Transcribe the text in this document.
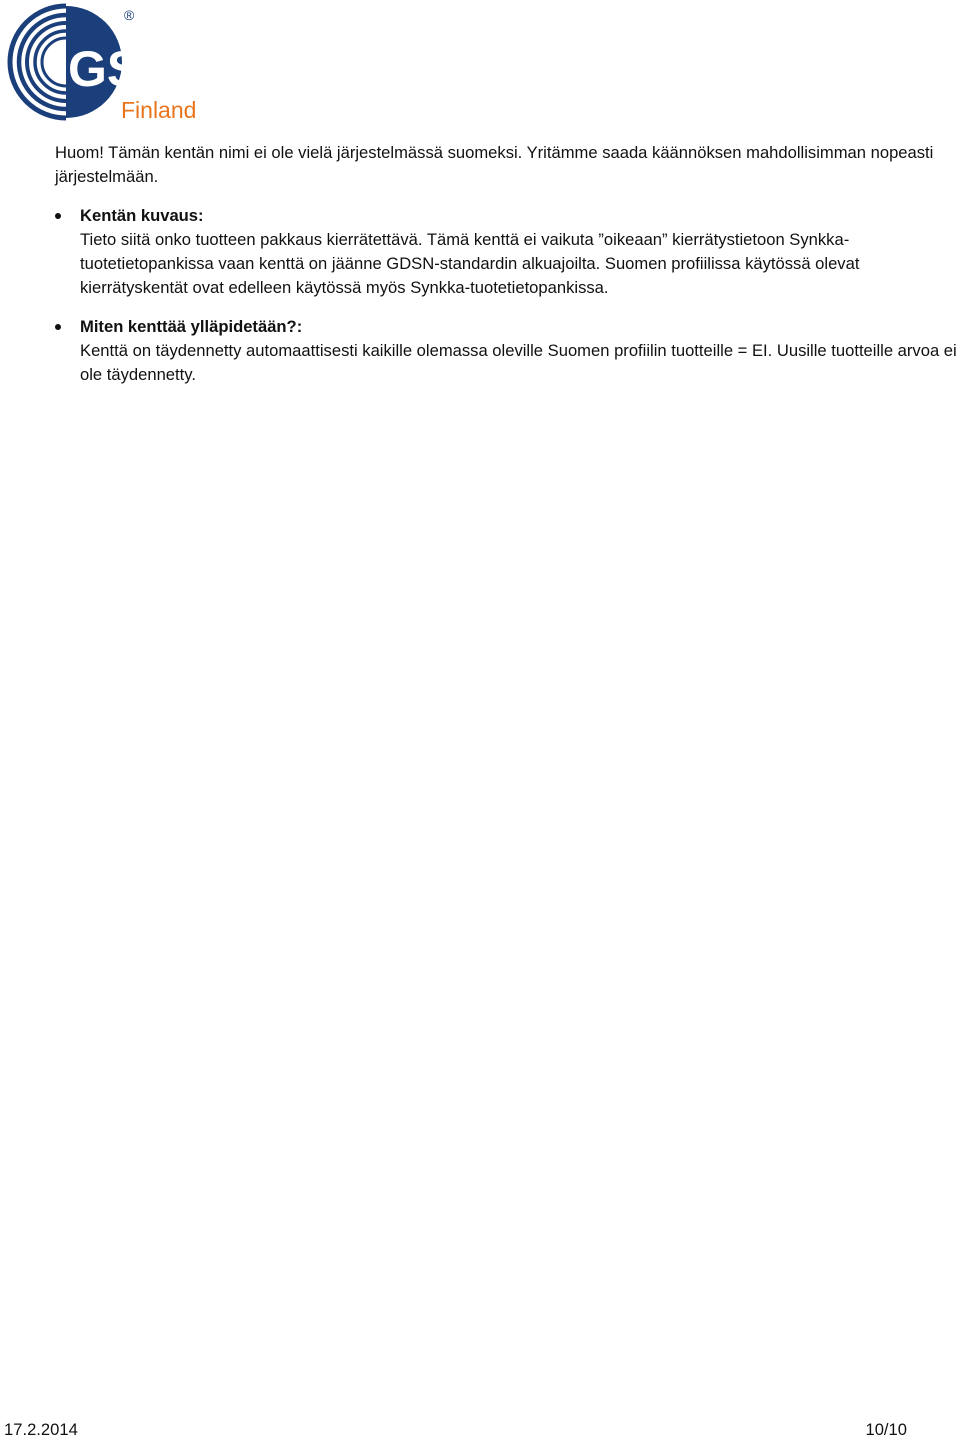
GS1
®
Finland

Huom! Tämän kentän nimi ei ole vielä järjestelmässä suomeksi. Yritämme saada käännöksen mahdollisimman nopeasti järjestelmään.

Kentän kuvaus:
Tieto siitä onko tuotteen pakkaus kierrätettävä. Tämä kenttä ei vaikuta ”oikeaan” kierrätystietoon Synkka-tuotetietopankissa vaan kenttä on jäänne GDSN-standardin alkuajoilta. Suomen profiilissa käytössä olevat kierrätyskentät ovat edelleen käytössä myös Synkka-tuotetietopankissa.
Miten kenttää ylläpidetään?:
Kenttä on täydennetty automaattisesti kaikille olemassa oleville Suomen profiilin tuotteille = EI. Uusille tuotteille arvoa ei ole täydennetty.
17.2.2014	10/10
